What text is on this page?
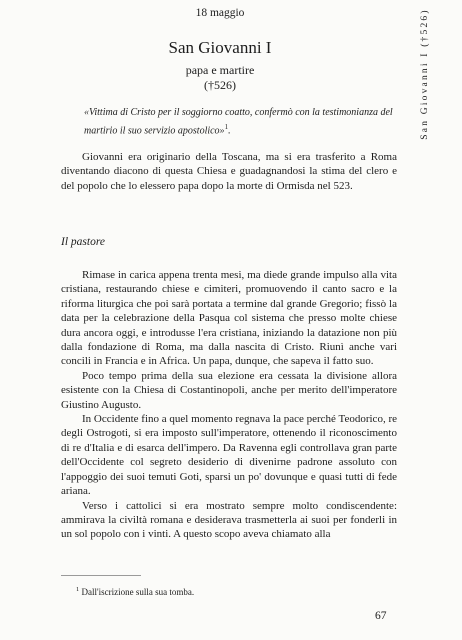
18 maggio	San Giovanni I (†526)
San Giovanni I
papa e martire
(†526)
«Vittima di Cristo per il soggiorno coatto, confermò con la testimonianza del martirio il suo servizio apostolico»$^1$.

Giovanni era originario della Toscana, ma si era trasferito a Roma diventando diacono di questa Chiesa e guadagnandosi la stima del clero e del popolo che lo elessero papa dopo la morte di Ormisda nel 523.

Il pastore

Rimase in carica appena trenta mesi, ma diede grande impulso alla vita cristiana, restaurando chiese e cimiteri, promuovendo il canto sacro e la riforma liturgica che poi sarà portata a termine dal grande Gregorio; fissò la data per la celebrazione della Pasqua col sistema che presso molte chiese dura ancora oggi, e introdusse l'era cristiana, iniziando la datazione non più dalla fondazione di Roma, ma dalla nascita di Cristo. Riunì anche vari concili in Francia e in Africa. Un papa, dunque, che sapeva il fatto suo.

Poco tempo prima della sua elezione era cessata la divisione allora esistente con la Chiesa di Costantinopoli, anche per merito dell'imperatore Giustino Augusto.

In Occidente fino a quel momento regnava la pace perché Teodorico, re degli Ostrogoti, si era imposto sull'imperatore, ottenendo il riconoscimento di re d'Italia e di esarca dell'impero. Da Ravenna egli controllava gran parte dell'Occidente col segreto desiderio di divenirne padrone assoluto con l'appoggio dei suoi temuti Goti, sparsi un po' dovunque e quasi tutti di fede ariana.

Verso i cattolici si era mostrato sempre molto condiscendente: ammirava la civiltà romana e desiderava trasmetterla ai suoi per fonderli in un sol popolo con i vinti. A questo scopo aveva chiamato alla

$^1$ Dall'iscrizione sulla sua tomba.
67
